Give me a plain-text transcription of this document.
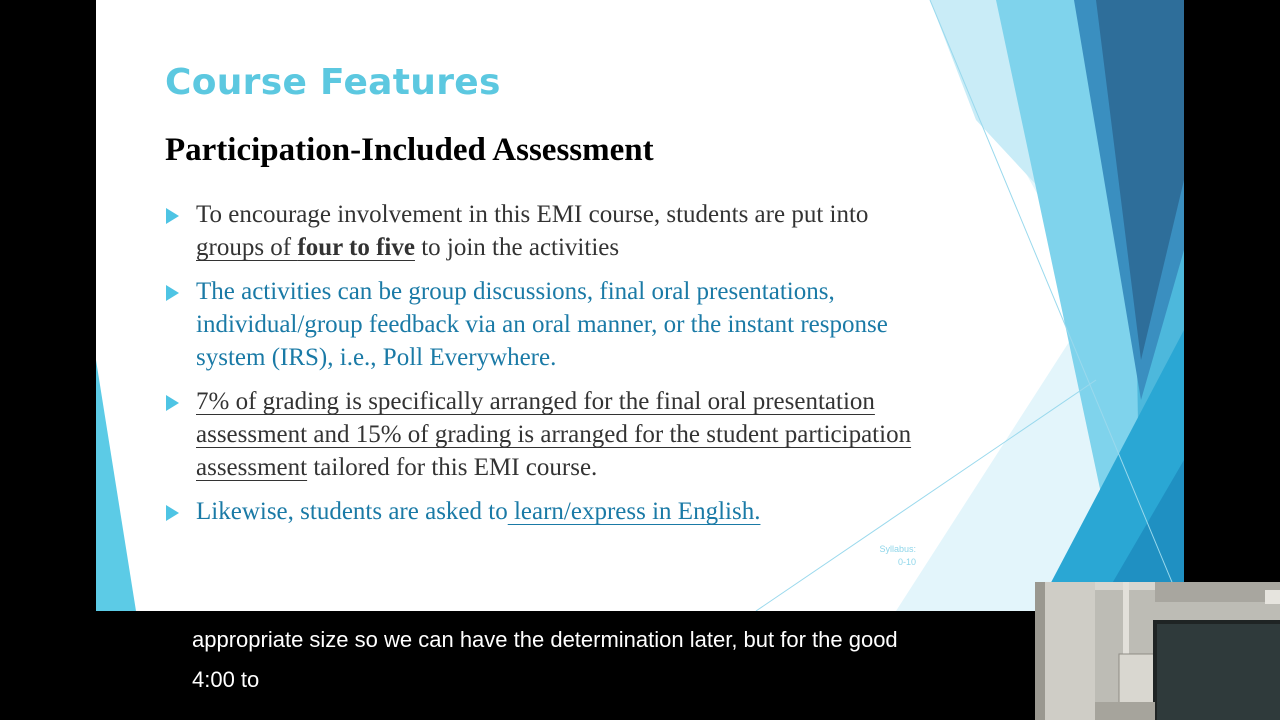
Course Features
Participation-Included Assessment
To encourage involvement in this EMI course, students are put into groups of four to five to join the activities
The activities can be group discussions, final oral presentations, individual/group feedback via an oral manner, or the instant response system (IRS), i.e., Poll Everywhere.
7% of grading is specifically arranged for the final oral presentation assessment and 15% of grading is arranged for the student participation assessment tailored for this EMI course.
Likewise, students are asked to learn/express in English.
Syllabus:
0-10
appropriate size so we can have the determination later, but for the good
4:00 to
